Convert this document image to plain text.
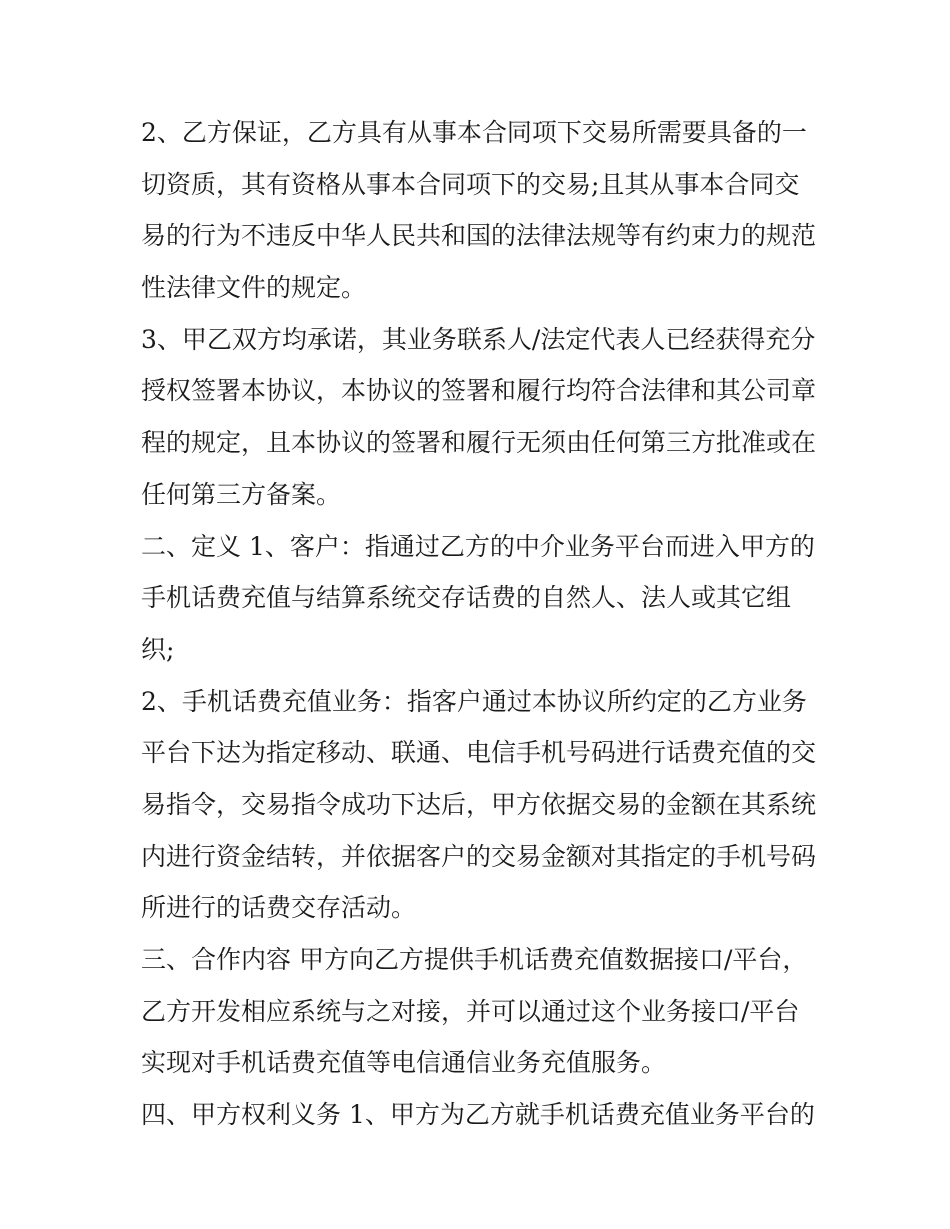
2、乙方保证，乙方具有从事本合同项下交易所需要具备的一
切资质，其有资格从事本合同项下的交易;且其从事本合同交
易的行为不违反中华人民共和国的法律法规等有约束力的规范
性法律文件的规定。
3、甲乙双方均承诺，其业务联系人/法定代表人已经获得充分
授权签署本协议，本协议的签署和履行均符合法律和其公司章
程的规定，且本协议的签署和履行无须由任何第三方批准或在
任何第三方备案。
二、定义 1、客户：指通过乙方的中介业务平台而进入甲方的
手机话费充值与结算系统交存话费的自然人、法人或其它组
织;
2、手机话费充值业务：指客户通过本协议所约定的乙方业务
平台下达为指定移动、联通、电信手机号码进行话费充值的交
易指令，交易指令成功下达后，甲方依据交易的金额在其系统
内进行资金结转，并依据客户的交易金额对其指定的手机号码
所进行的话费交存活动。
三、合作内容 甲方向乙方提供手机话费充值数据接口/平台，
乙方开发相应系统与之对接，并可以通过这个业务接口/平台
实现对手机话费充值等电信通信业务充值服务。
四、甲方权利义务 1、甲方为乙方就手机话费充值业务平台的
